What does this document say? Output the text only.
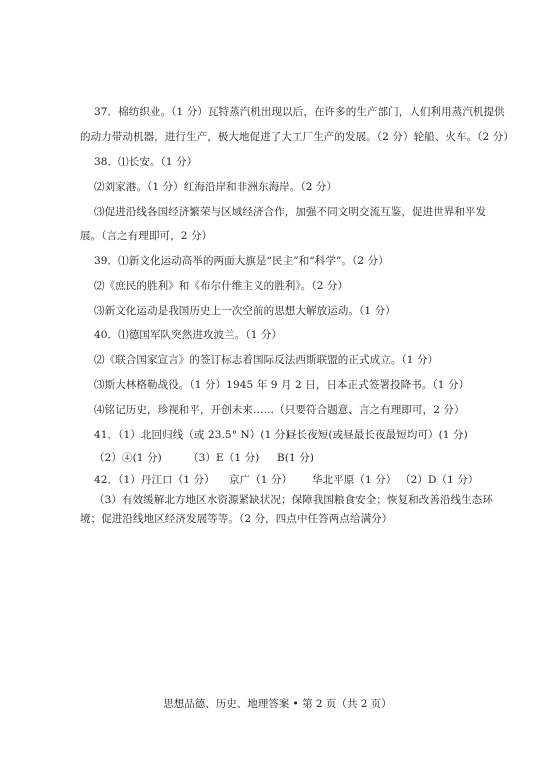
37．棉纺织业。（1 分）瓦特蒸汽机出现以后，在许多的生产部门，人们利用蒸汽机提供
的动力带动机器，进行生产，极大地促进了大工厂生产的发展。（2 分）轮船、火车。（2 分）
38．⑴长安。（1 分）
⑵刘家港。（1 分）红海沿岸和非洲东海岸。（2 分）
⑶促进沿线各国经济繁荣与区域经济合作，加强不同文明交流互鉴，促进世界和平发
展。（言之有理即可，2 分）
39．⑴新文化运动高举的两面大旗是“民主”和“科学”。（2 分）
⑵《庶民的胜利》和《布尔什维主义的胜利》。（2 分）
⑶新文化运动是我国历史上一次空前的思想大解放运动。（1 分）
40．⑴德国军队突然进攻波兰。（1 分）
⑵《联合国家宣言》的签订标志着国际反法西斯联盟的正式成立。（1 分）
⑶斯大林格勒战役。（1 分）1945 年 9 月 2 日，日本正式签署投降书。（1 分）
⑷铭记历史，珍视和平，开创未来……（只要符合题意、言之有理即可，2 分）
41．（1）北回归线（或 23.5° N）(1 分)
昼长夜短(或昼最长夜最短均可）(1 分)
（2）④(1 分) （3）E（1 分) B(1 分)
42．（1）丹江口（1 分） 京广（1 分） 华北平原（1 分） （2）D（1 分）
（3）有效缓解北方地区水资源紧缺状况；保障我国粮食安全；恢复和改善沿线生态环
境；促进沿线地区经济发展等等。（2 分，四点中任答两点给满分）
思想品德、历史、地理答案 • 第 2 页（共 2 页）
